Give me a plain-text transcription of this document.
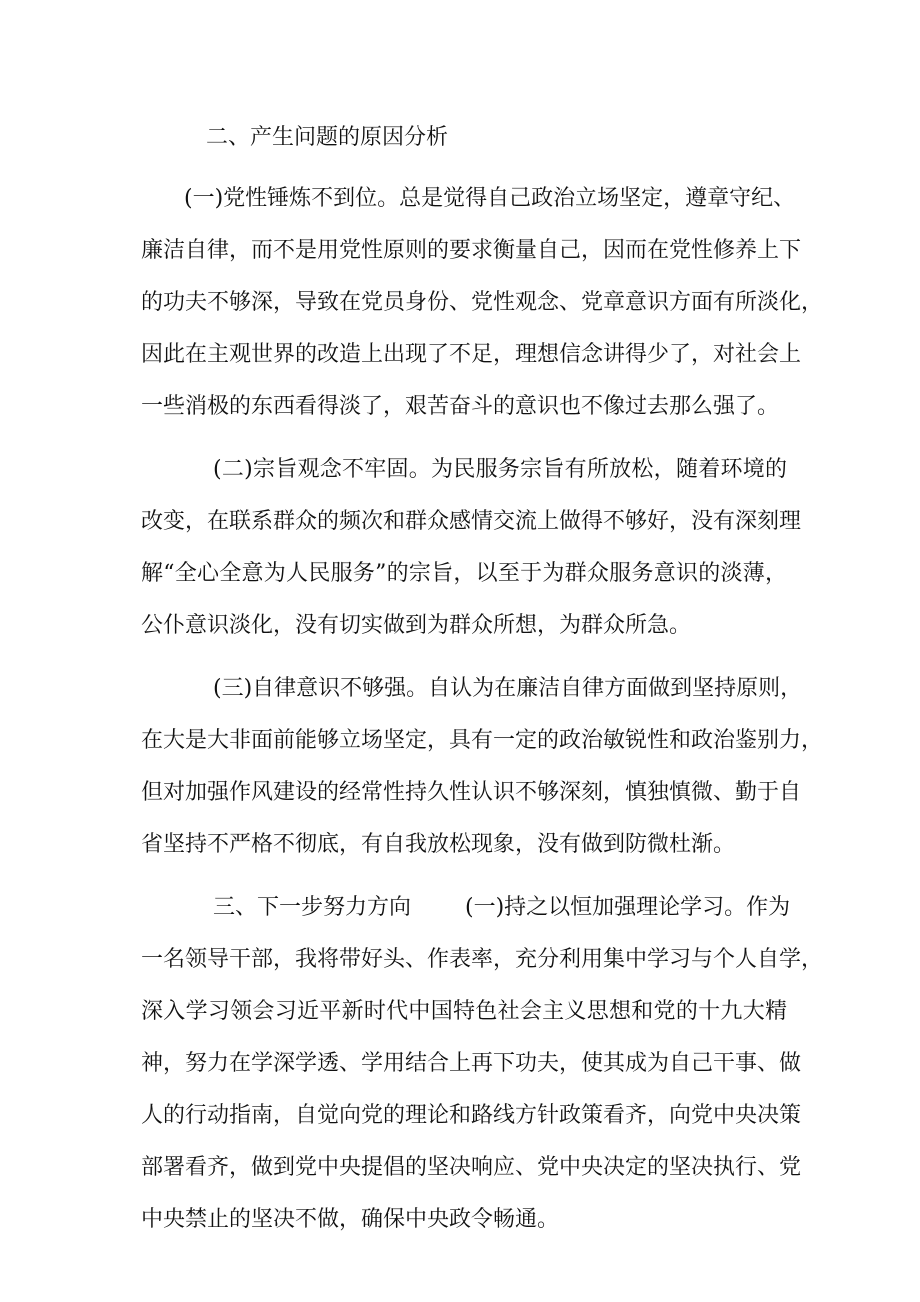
二、产生问题的原因分析
(一)党性锤炼不到位。总是觉得自己政治立场坚定，遵章守纪、
廉洁自律，而不是用党性原则的要求衡量自己，因而在党性修养上下
的功夫不够深，导致在党员身份、党性观念、党章意识方面有所淡化，
因此在主观世界的改造上出现了不足，理想信念讲得少了，对社会上
一些消极的东西看得淡了，艰苦奋斗的意识也不像过去那么强了。
(二)宗旨观念不牢固。为民服务宗旨有所放松，随着环境的
改变，在联系群众的频次和群众感情交流上做得不够好，没有深刻理
解“全心全意为人民服务”的宗旨，以至于为群众服务意识的淡薄，
公仆意识淡化，没有切实做到为群众所想，为群众所急。
(三)自律意识不够强。自认为在廉洁自律方面做到坚持原则，
在大是大非面前能够立场坚定，具有一定的政治敏锐性和政治鉴别力，
但对加强作风建设的经常性持久性认识不够深刻，慎独慎微、勤于自
省坚持不严格不彻底，有自我放松现象，没有做到防微杜渐。
三、下一步努力方向 (一)持之以恒加强理论学习。作为
一名领导干部，我将带好头、作表率，充分利用集中学习与个人自学，
深入学习领会习近平新时代中国特色社会主义思想和党的十九大精
神，努力在学深学透、学用结合上再下功夫，使其成为自己干事、做
人的行动指南，自觉向党的理论和路线方针政策看齐，向党中央决策
部署看齐，做到党中央提倡的坚决响应、党中央决定的坚决执行、党
中央禁止的坚决不做，确保中央政令畅通。
